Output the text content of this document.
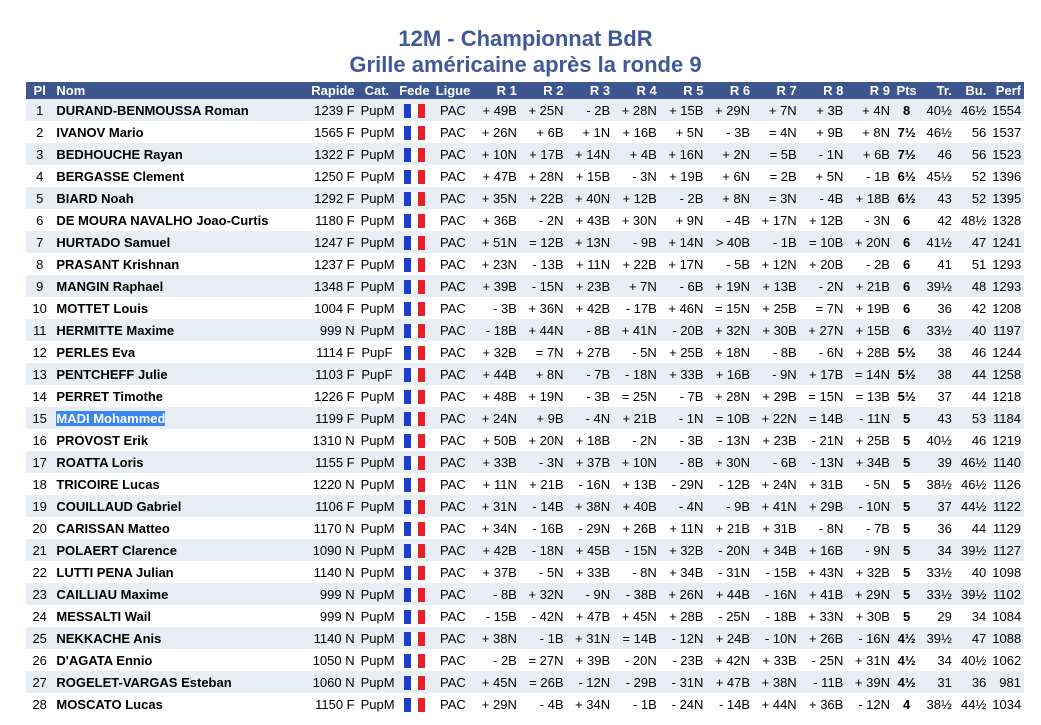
12M - Championnat BdR
Grille américaine après la ronde 9
Pl	Nom	Rapide	Cat.	Fede	Ligue	R 1	R 2	R 3	R 4	R 5	R 6	R 7	R 8	R 9	Pts	Tr.	Bu.	Perf
1	DURAND-BENMOUSSA Roman	1239 F	PupM		PAC	+ 49B	+ 25N	- 2B	+ 28N	+ 15B	+ 29N	+ 7N	+ 3B	+ 4N	8	40½	46½	1554
2	IVANOV Mario	1565 F	PupM		PAC	+ 26N	+ 6B	+ 1N	+ 16B	+ 5N	- 3B	= 4N	+ 9B	+ 8N	7½	46½	56	1537
3	BEDHOUCHE Rayan	1322 F	PupM		PAC	+ 10N	+ 17B	+ 14N	+ 4B	+ 16N	+ 2N	= 5B	- 1N	+ 6B	7½	46	56	1523
4	BERGASSE Clement	1250 F	PupM		PAC	+ 47B	+ 28N	+ 15B	- 3N	+ 19B	+ 6N	= 2B	+ 5N	- 1B	6½	45½	52	1396
5	BIARD Noah	1292 F	PupM		PAC	+ 35N	+ 22B	+ 40N	+ 12B	- 2B	+ 8N	= 3N	- 4B	+ 18B	6½	43	52	1395
6	DE MOURA NAVALHO Joao-Curtis	1180 F	PupM		PAC	+ 36B	- 2N	+ 43B	+ 30N	+ 9N	- 4B	+ 17N	+ 12B	- 3N	6	42	48½	1328
7	HURTADO Samuel	1247 F	PupM		PAC	+ 51N	= 12B	+ 13N	- 9B	+ 14N	> 40B	- 1B	= 10B	+ 20N	6	41½	47	1241
8	PRASANT Krishnan	1237 F	PupM		PAC	+ 23N	- 13B	+ 11N	+ 22B	+ 17N	- 5B	+ 12N	+ 20B	- 2B	6	41	51	1293
9	MANGIN Raphael	1348 F	PupM		PAC	+ 39B	- 15N	+ 23B	+ 7N	- 6B	+ 19N	+ 13B	- 2N	+ 21B	6	39½	48	1293
10	MOTTET Louis	1004 F	PupM		PAC	- 3B	+ 36N	+ 42B	- 17B	+ 46N	= 15N	+ 25B	= 7N	+ 19B	6	36	42	1208
11	HERMITTE Maxime	999 N	PupM		PAC	- 18B	+ 44N	- 8B	+ 41N	- 20B	+ 32N	+ 30B	+ 27N	+ 15B	6	33½	40	1197
12	PERLES Eva	1114 F	PupF		PAC	+ 32B	= 7N	+ 27B	- 5N	+ 25B	+ 18N	- 8B	- 6N	+ 28B	5½	38	46	1244
13	PENTCHEFF Julie	1103 F	PupF		PAC	+ 44B	+ 8N	- 7B	- 18N	+ 33B	+ 16B	- 9N	+ 17B	= 14N	5½	38	44	1258
14	PERRET Timothe	1226 F	PupM		PAC	+ 48B	+ 19N	- 3B	= 25N	- 7B	+ 28N	+ 29B	= 15N	= 13B	5½	37	44	1218
15	MADI Mohammed	1199 F	PupM		PAC	+ 24N	+ 9B	- 4N	+ 21B	- 1N	= 10B	+ 22N	= 14B	- 11N	5	43	53	1184
16	PROVOST Erik	1310 N	PupM		PAC	+ 50B	+ 20N	+ 18B	- 2N	- 3B	- 13N	+ 23B	- 21N	+ 25B	5	40½	46	1219
17	ROATTA Loris	1155 F	PupM		PAC	+ 33B	- 3N	+ 37B	+ 10N	- 8B	+ 30N	- 6B	- 13N	+ 34B	5	39	46½	1140
18	TRICOIRE Lucas	1220 N	PupM		PAC	+ 11N	+ 21B	- 16N	+ 13B	- 29N	- 12B	+ 24N	+ 31B	- 5N	5	38½	46½	1126
19	COUILLAUD Gabriel	1106 F	PupM		PAC	+ 31N	- 14B	+ 38N	+ 40B	- 4N	- 9B	+ 41N	+ 29B	- 10N	5	37	44½	1122
20	CARISSAN Matteo	1170 N	PupM		PAC	+ 34N	- 16B	- 29N	+ 26B	+ 11N	+ 21B	+ 31B	- 8N	- 7B	5	36	44	1129
21	POLAERT Clarence	1090 N	PupM		PAC	+ 42B	- 18N	+ 45B	- 15N	+ 32B	- 20N	+ 34B	+ 16B	- 9N	5	34	39½	1127
22	LUTTI PENA Julian	1140 N	PupM		PAC	+ 37B	- 5N	+ 33B	- 8N	+ 34B	- 31N	- 15B	+ 43N	+ 32B	5	33½	40	1098
23	CAILLIAU Maxime	999 N	PupM		PAC	- 8B	+ 32N	- 9N	- 38B	+ 26N	+ 44B	- 16N	+ 41B	+ 29N	5	33½	39½	1102
24	MESSALTI Wail	999 N	PupM		PAC	- 15B	- 42N	+ 47B	+ 45N	+ 28B	- 25N	- 18B	+ 33N	+ 30B	5	29	34	1084
25	NEKKACHE Anis	1140 N	PupM		PAC	+ 38N	- 1B	+ 31N	= 14B	- 12N	+ 24B	- 10N	+ 26B	- 16N	4½	39½	47	1088
26	D'AGATA Ennio	1050 N	PupM		PAC	- 2B	= 27N	+ 39B	- 20N	- 23B	+ 42N	+ 33B	- 25N	+ 31N	4½	34	40½	1062
27	ROGELET-VARGAS Esteban	1060 N	PupM		PAC	+ 45N	= 26B	- 12N	- 29B	- 31N	+ 47B	+ 38N	- 11B	+ 39N	4½	31	36	981
28	MOSCATO Lucas	1150 F	PupM		PAC	+ 29N	- 4B	+ 34N	- 1B	- 24N	- 14B	+ 44N	+ 36B	- 12N	4	38½	44½	1034
